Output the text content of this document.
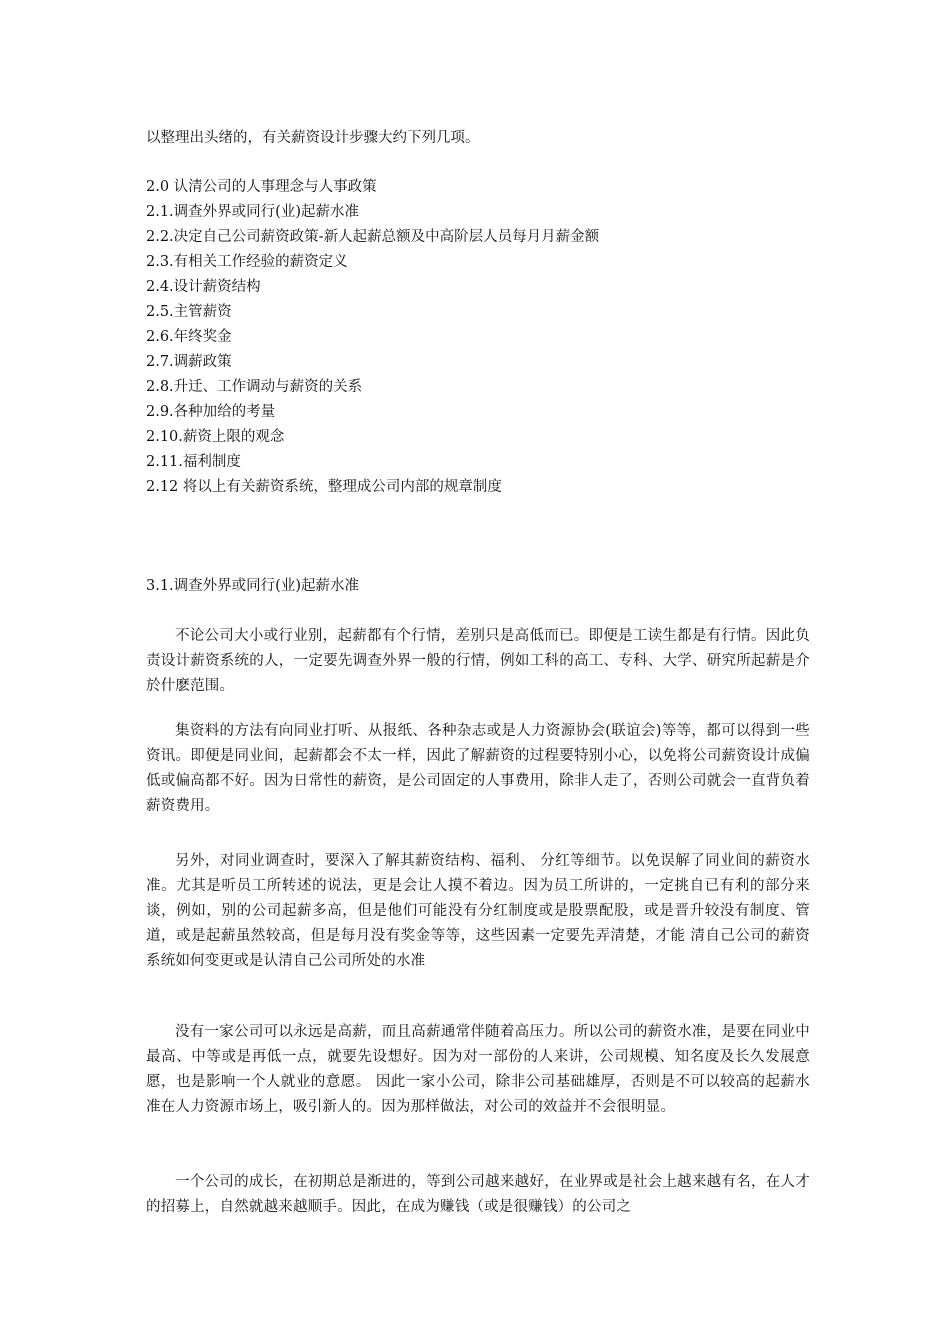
以整理出头绪的，有关薪资设计步骤大约下列几项。
2.0 认清公司的人事理念与人事政策
2.1.调查外界或同行(业)起薪水准
2.2.决定自己公司薪资政策-新人起薪总额及中高阶层人员每月月薪金额
2.3.有相关工作经验的薪资定义
2.4.设计薪资结构
2.5.主管薪资
2.6.年终奖金
2.7.调薪政策
2.8.升迁、工作调动与薪资的关系
2.9.各种加给的考量
2.10.薪资上限的观念
2.11.福利制度
2.12 将以上有关薪资系统，整理成公司内部的规章制度
3.1.调查外界或同行(业)起薪水准

不论公司大小或行业别，起薪都有个行情，差别只是高低而已。即便是工读生都是有行情。因此负责设计薪资系统的人，一定要先调查外界一般的行情，例如工科的高工、专科、大学、研究所起薪是介於什麽范围。

集资料的方法有向同业打听、从报纸、各种杂志或是人力资源协会(联谊会)等等，都可以得到一些资讯。即便是同业间，起薪都会不太一样，因此了解薪资的过程要特别小心，以免将公司薪资设计成偏低或偏高都不好。因为日常性的薪资，是公司固定的人事费用，除非人走了，否则公司就会一直背负着薪资费用。

另外，对同业调查时，要深入了解其薪资结构、福利、 分红等细节。以免误解了同业间的薪资水准。尤其是听员工所转述的说法，更是会让人摸不着边。因为员工所讲的，一定挑自已有利的部分来谈，例如，别的公司起薪多高，但是他们可能没有分红制度或是股票配股，或是晋升较没有制度、管道，或是起薪虽然较高，但是每月没有奖金等等，这些因素一定要先弄清楚，才能 清自己公司的薪资系统如何变更或是认清自己公司所处的水准

没有一家公司可以永远是高薪，而且高薪通常伴随着高压力。所以公司的薪资水准，是要在同业中最高、中等或是再低一点，就要先设想好。因为对一部份的人来讲，公司规模、知名度及长久发展意愿，也是影响一个人就业的意愿。 因此一家小公司，除非公司基础雄厚，否则是不可以较高的起薪水准在人力资源市场上，吸引新人的。因为那样做法，对公司的效益并不会很明显。

一个公司的成长，在初期总是渐进的，等到公司越来越好，在业界或是社会上越来越有名，在人才的招募上，自然就越来越顺手。因此，在成为赚钱（或是很赚钱）的公司之
